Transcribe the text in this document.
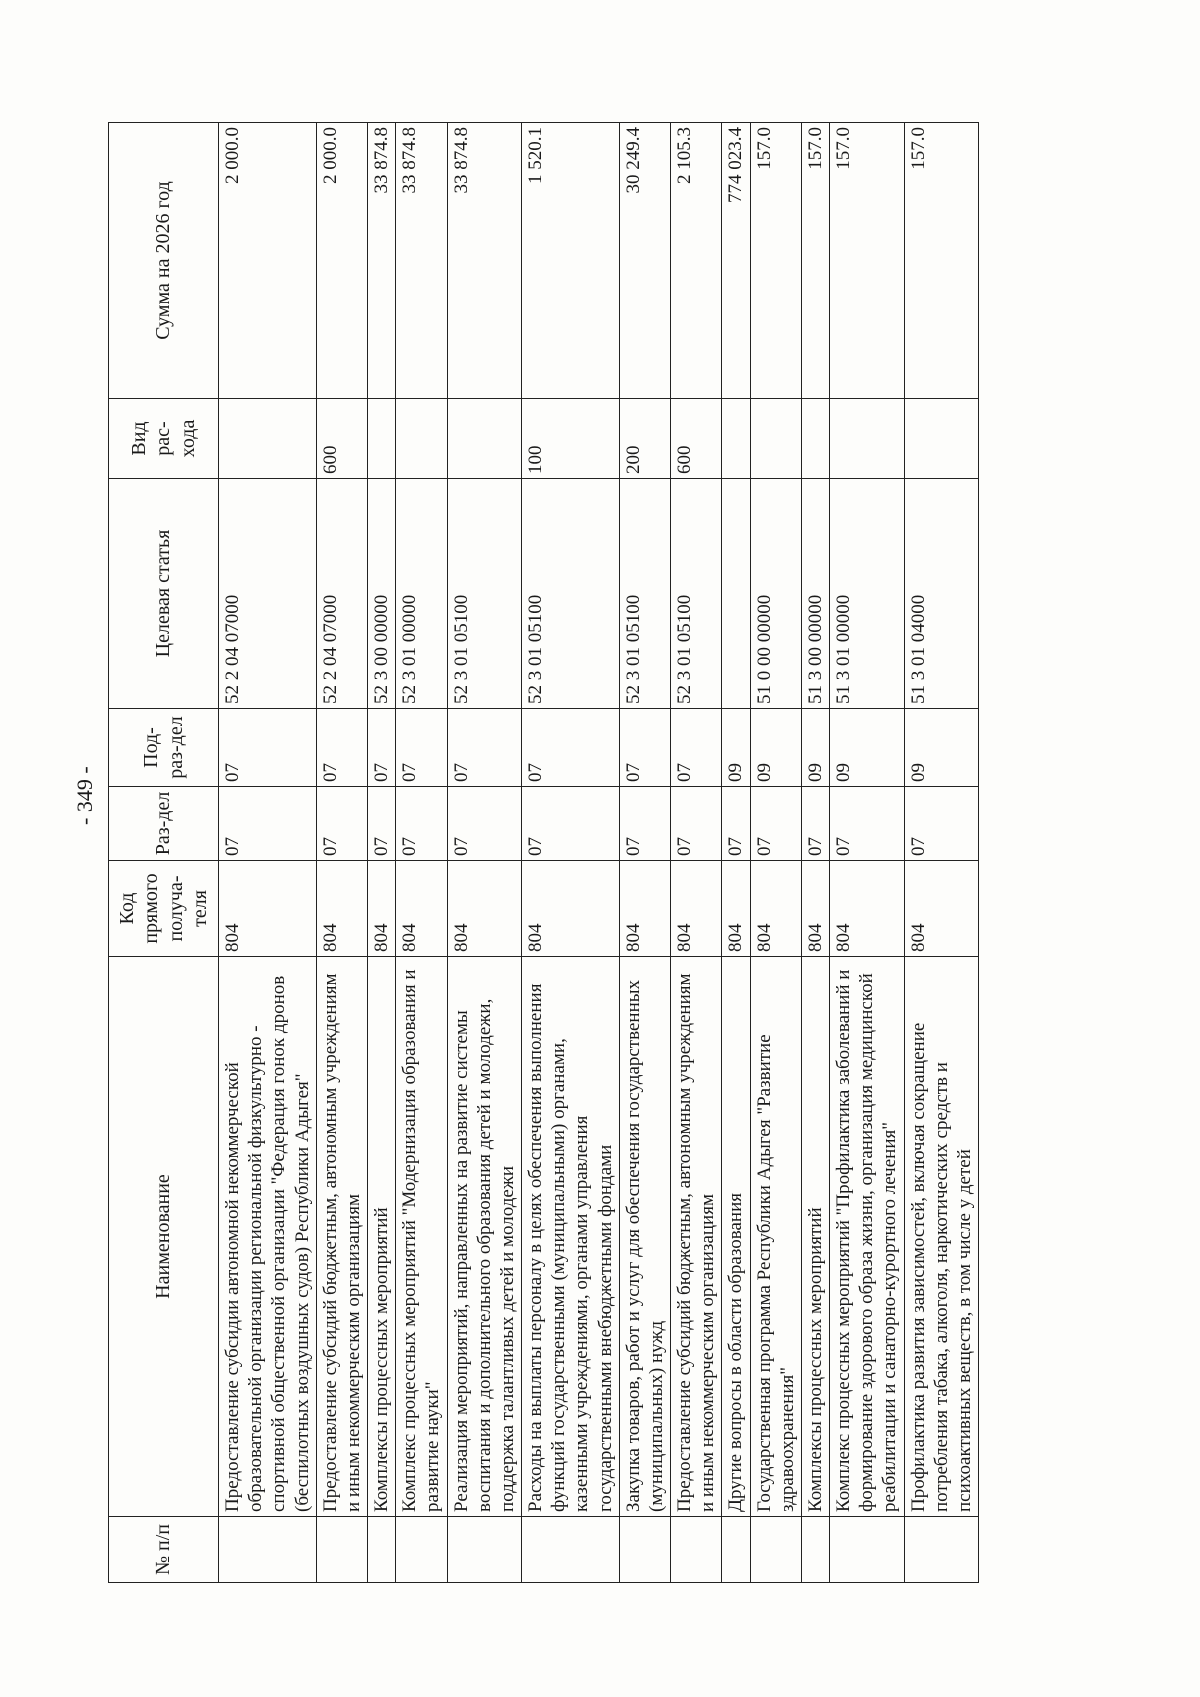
- 349 -
№ п/п	Наименование	Код прямого получа-теля	Раз-дел	Под-раз-дел	Целевая статья	Вид рас-хода	Сумма на 2026 год
	Предоставление субсидии автономной некоммерческой образовательной организации региональной физкультурно - спортивной общественной организации "Федерация гонок дронов (беспилотных воздушных судов) Республики Адыгея"	804	07	07	52 2 04 07000		2 000.0
	Предоставление субсидий бюджетным, автономным учреждениям и иным некоммерческим организациям	804	07	07	52 2 04 07000	600	2 000.0
	Комплексы процессных мероприятий	804	07	07	52 3 00 00000		33 874.8
	Комплекс процессных мероприятий "Модернизация образования и развитие науки"	804	07	07	52 3 01 00000		33 874.8
	Реализация мероприятий, направленных на развитие системы воспитания и дополнительного образования детей и молодежи, поддержка талантливых детей и молодежи	804	07	07	52 3 01 05100		33 874.8
	Расходы на выплаты персоналу в целях обеспечения выполнения функций государственными (муниципальными) органами, казенными учреждениями, органами управления государственными внебюджетными фондами	804	07	07	52 3 01 05100	100	1 520.1
	Закупка товаров, работ и услуг для обеспечения государственных (муниципальных) нужд	804	07	07	52 3 01 05100	200	30 249.4
	Предоставление субсидий бюджетным, автономным учреждениям и иным некоммерческим организациям	804	07	07	52 3 01 05100	600	2 105.3
	Другие вопросы в области образования	804	07	09			774 023.4
	Государственная программа Республики Адыгея "Развитие здравоохранения"	804	07	09	51 0 00 00000		157.0
	Комплексы процессных мероприятий	804	07	09	51 3 00 00000		157.0
	Комплекс процессных мероприятий "Профилактика заболеваний и формирование здорового образа жизни, организация медицинской реабилитации и санаторно-курортного лечения"	804	07	09	51 3 01 00000		157.0
	Профилактика развития зависимостей, включая сокращение потребления табака, алкоголя, наркотических средств и психоактивных веществ, в том числе у детей	804	07	09	51 3 01 04000		157.0
